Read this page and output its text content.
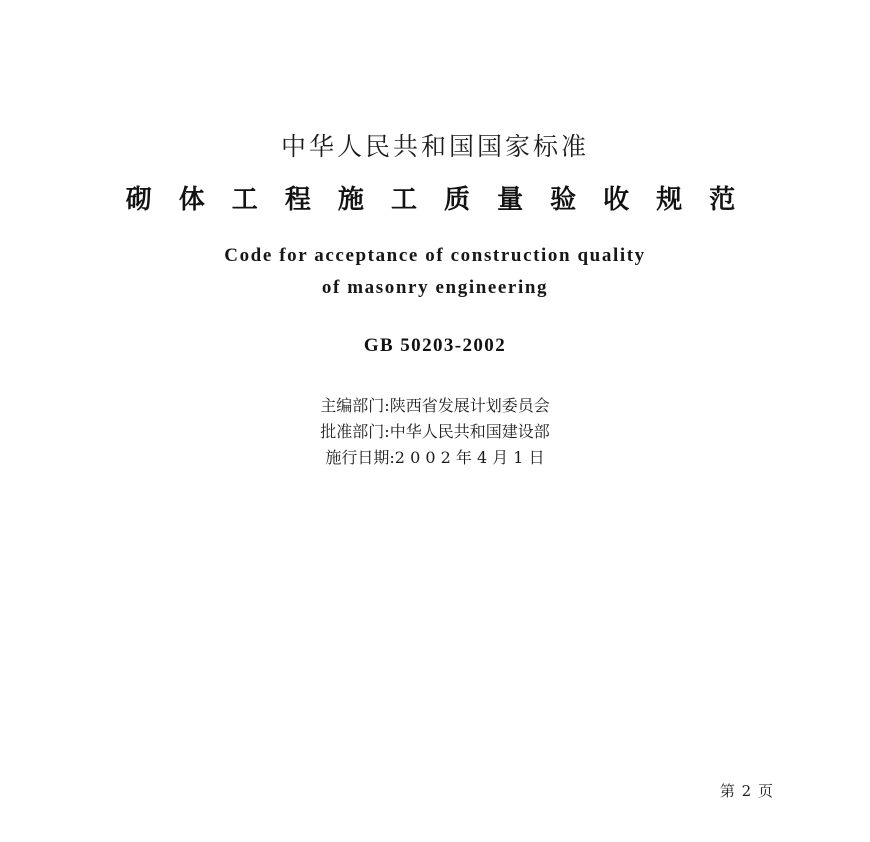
中华人民共和国国家标准
砌 体 工 程 施 工 质 量 验 收 规 范
Code for acceptance of construction quality
of masonry engineering
GB 50203-2002
主编部门:陕西省发展计划委员会
批准部门:中华人民共和国建设部
施行日期:2 0 0 2 年 4 月 1 日
第 2 页
